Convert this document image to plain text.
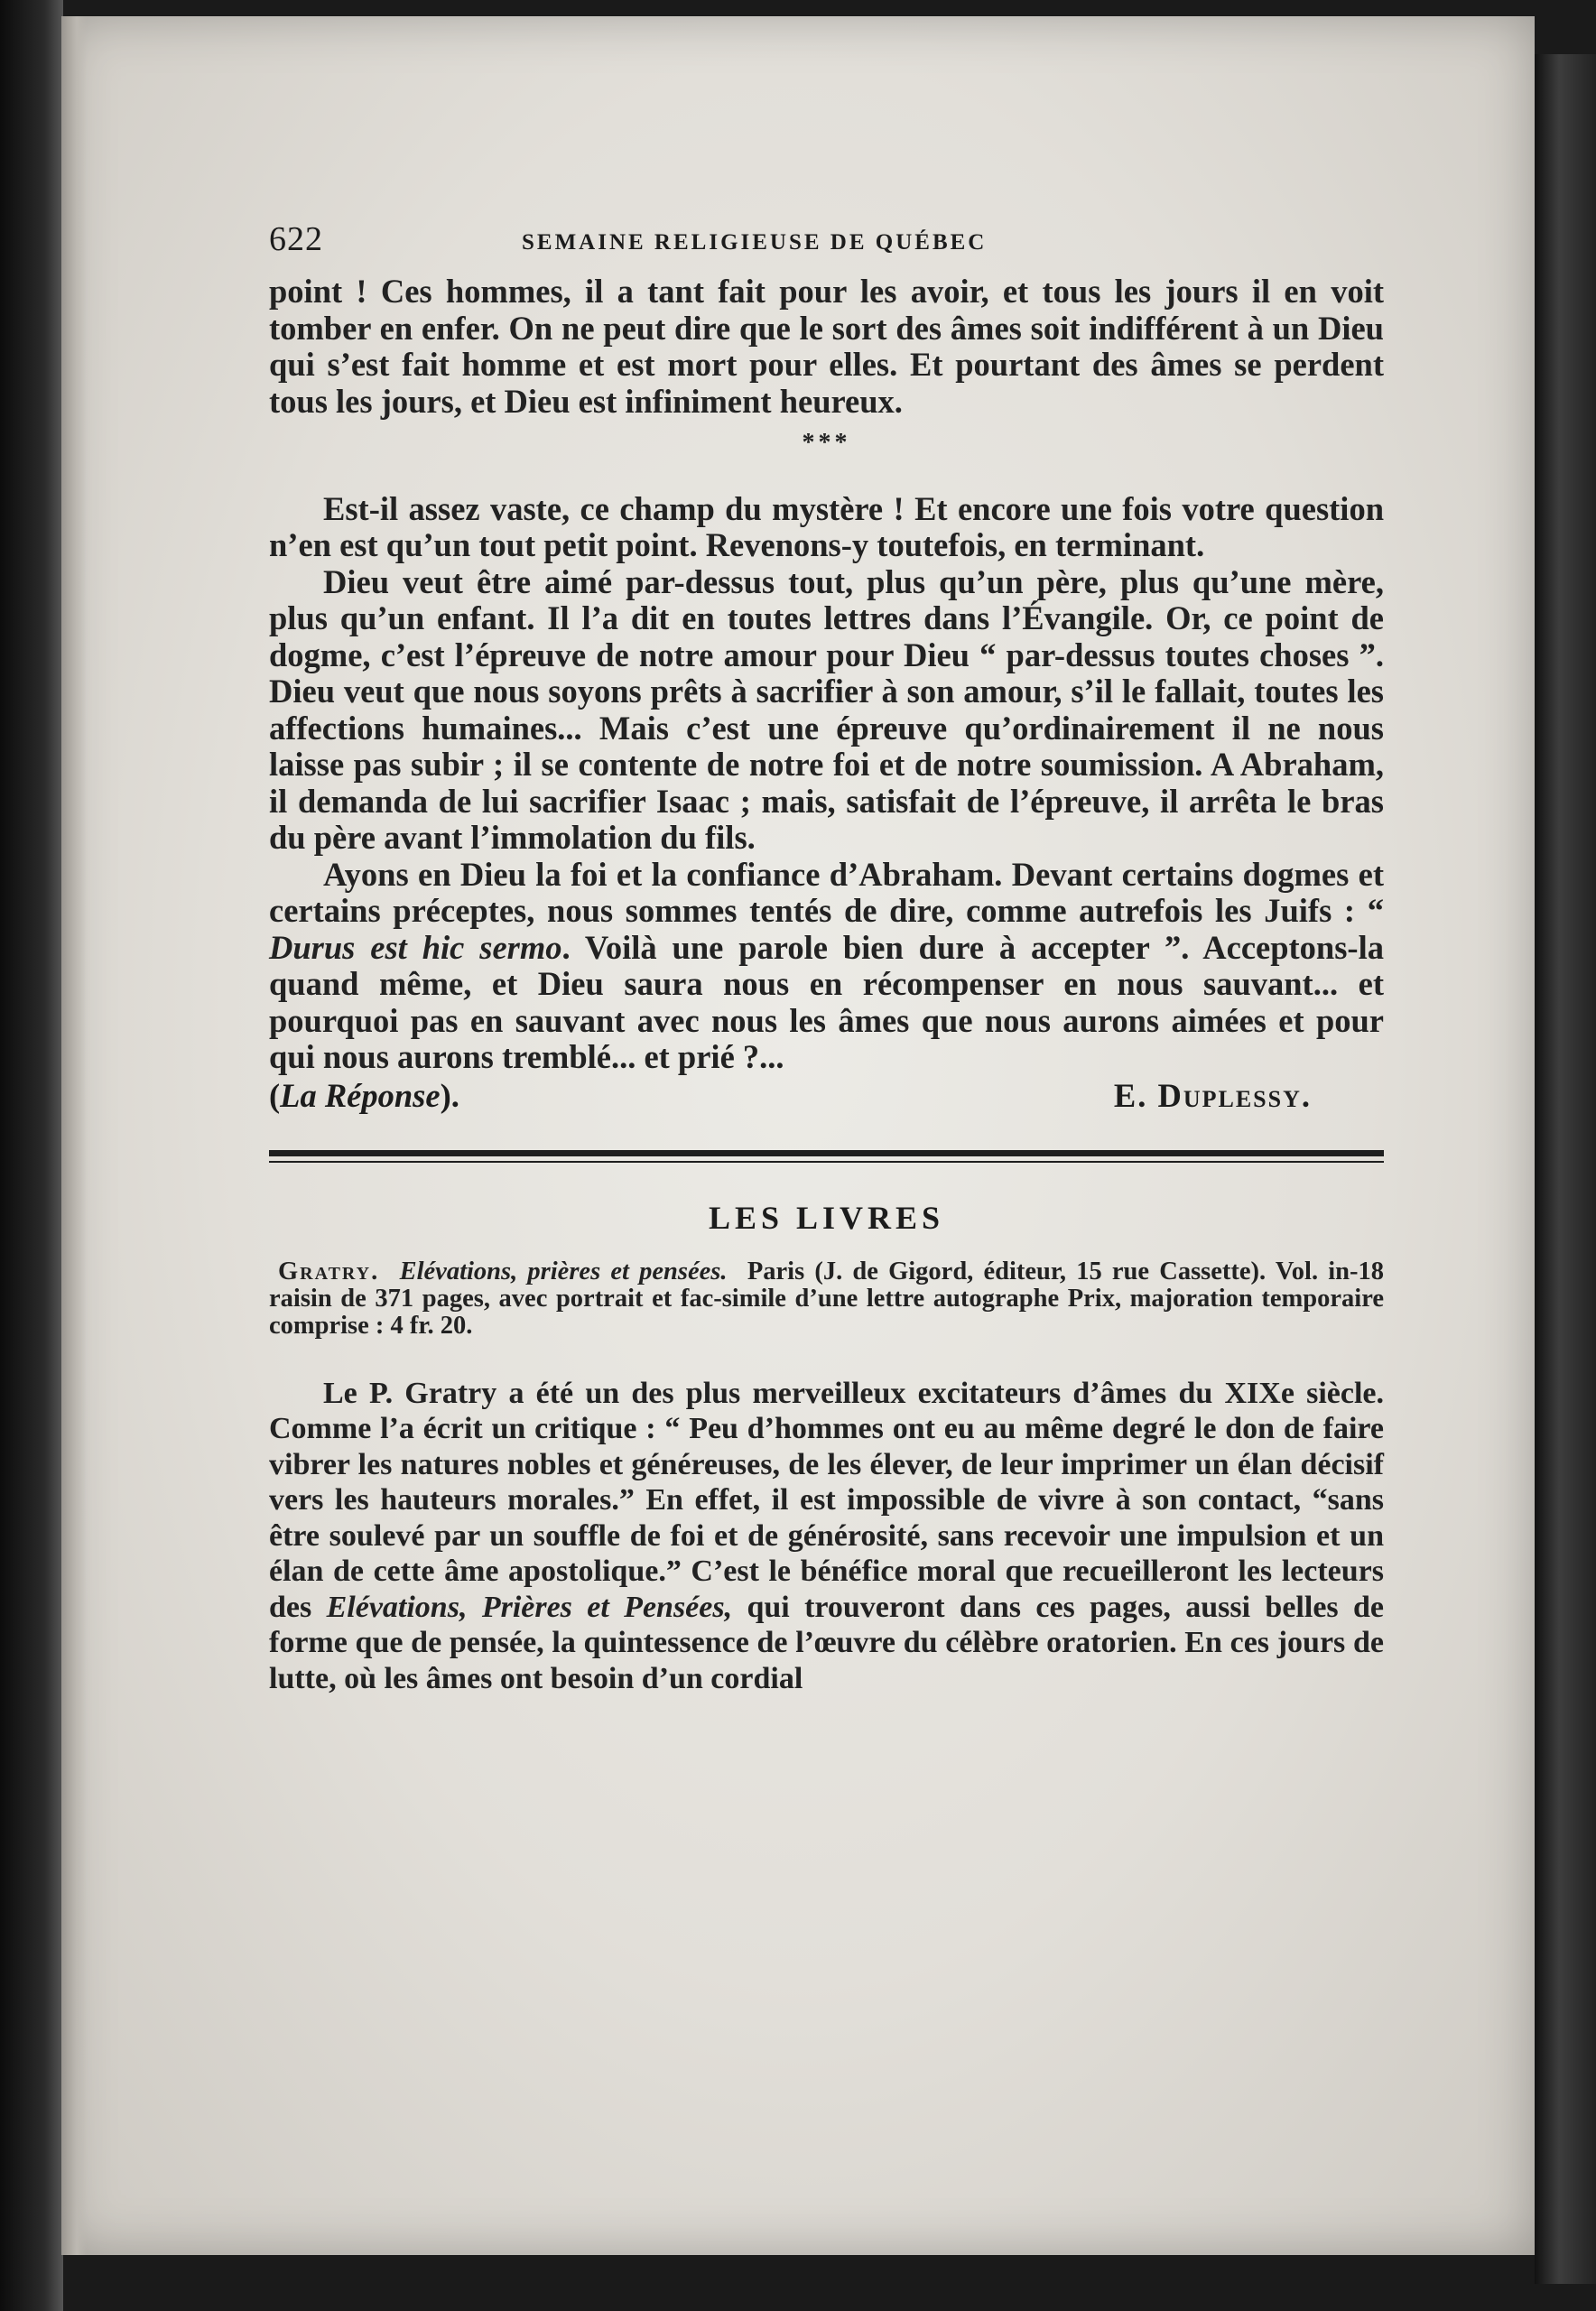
622	SEMAINE RELIGIEUSE DE QUÉBEC

point ! Ces hommes, il a tant fait pour les avoir, et tous les jours il en voit tomber en enfer. On ne peut dire que le sort des âmes soit indifférent à un Dieu qui s’est fait homme et est mort pour elles. Et pourtant des âmes se perdent tous les jours, et Dieu est infiniment heureux.

***

Est-il assez vaste, ce champ du mystère ! Et encore une fois votre question n’en est qu’un tout petit point. Revenons-y toutefois, en terminant.

Dieu veut être aimé par-dessus tout, plus qu’un père, plus qu’une mère, plus qu’un enfant. Il l’a dit en toutes lettres dans l’Évangile. Or, ce point de dogme, c’est l’épreuve de notre amour pour Dieu “ par-dessus toutes choses ”. Dieu veut que nous soyons prêts à sacrifier à son amour, s’il le fallait, toutes les affections humaines... Mais c’est une épreuve qu’ordinairement il ne nous laisse pas subir ; il se contente de notre foi et de notre soumission. A Abraham, il demanda de lui sacrifier Isaac ; mais, satisfait de l’épreuve, il arrêta le bras du père avant l’immolation du fils.

Ayons en Dieu la foi et la confiance d’Abraham. Devant certains dogmes et certains préceptes, nous sommes tentés de dire, comme autrefois les Juifs : “ Durus est hic sermo. Voilà une parole bien dure à accepter ”. Acceptons-la quand même, et Dieu saura nous en récompenser en nous sauvant... et pourquoi pas en sauvant avec nous les âmes que nous aurons aimées et pour qui nous aurons tremblé... et prié ?...

(La Réponse).	E. Duplessy.
LES LIVRES
Gratry. Elévations, prières et pensées. Paris (J. de Gigord, éditeur, 15 rue Cassette). Vol. in-18 raisin de 371 pages, avec portrait et fac-simile d’une lettre autographe Prix, majoration temporaire comprise : 4 fr. 20.

Le P. Gratry a été un des plus merveilleux excitateurs d’âmes du XIXe siècle. Comme l’a écrit un critique : “ Peu d’hommes ont eu au même degré le don de faire vibrer les natures nobles et généreuses, de les élever, de leur imprimer un élan décisif vers les hauteurs morales.” En effet, il est impossible de vivre à son contact, “sans être soulevé par un souffle de foi et de générosité, sans recevoir une impulsion et un élan de cette âme apostolique.” C’est le bénéfice moral que recueilleront les lecteurs des Elévations, Prières et Pensées, qui trouveront dans ces pages, aussi belles de forme que de pensée, la quintessence de l’œuvre du célèbre oratorien. En ces jours de lutte, où les âmes ont besoin d’un cordial
